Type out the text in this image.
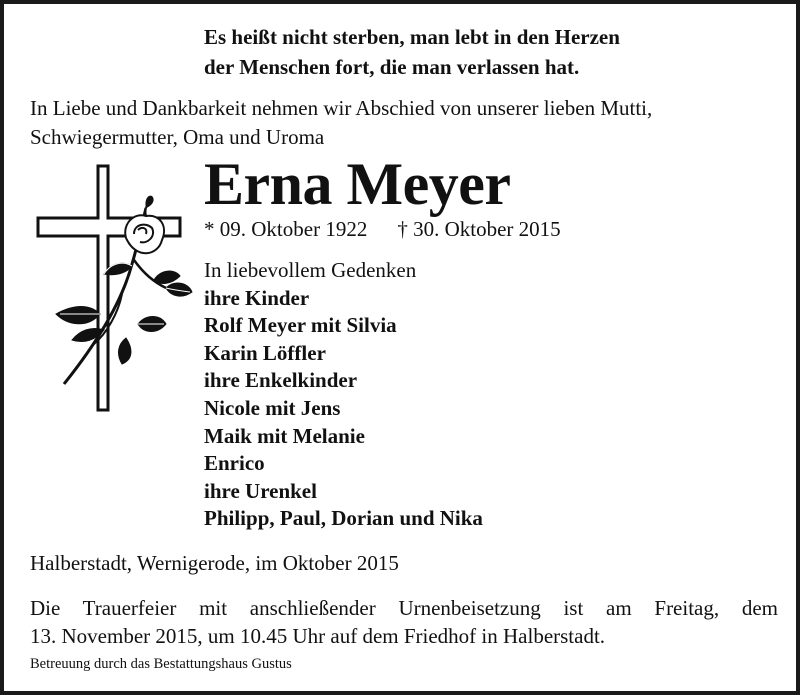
Es heißt nicht sterben, man lebt in den Herzen
der Menschen fort, die man verlassen hat.
In Liebe und Dankbarkeit nehmen wir Abschied von unserer lieben Mutti, Schwiegermutter, Oma und Uroma
Erna Meyer
* 09. Oktober 1922 † 30. Oktober 2015
In liebevollem Gedenken
ihre Kinder
Rolf Meyer mit Silvia
Karin Löffler
ihre Enkelkinder
Nicole mit Jens
Maik mit Melanie
Enrico
ihre Urenkel
Philipp, Paul, Dorian und Nika
Halberstadt, Wernigerode, im Oktober 2015
Die Trauerfeier mit anschließender Urnenbeisetzung ist am Freitag, dem
13. November 2015, um 10.45 Uhr auf dem Friedhof in Halberstadt.
Betreuung durch das Bestattungshaus Gustus
